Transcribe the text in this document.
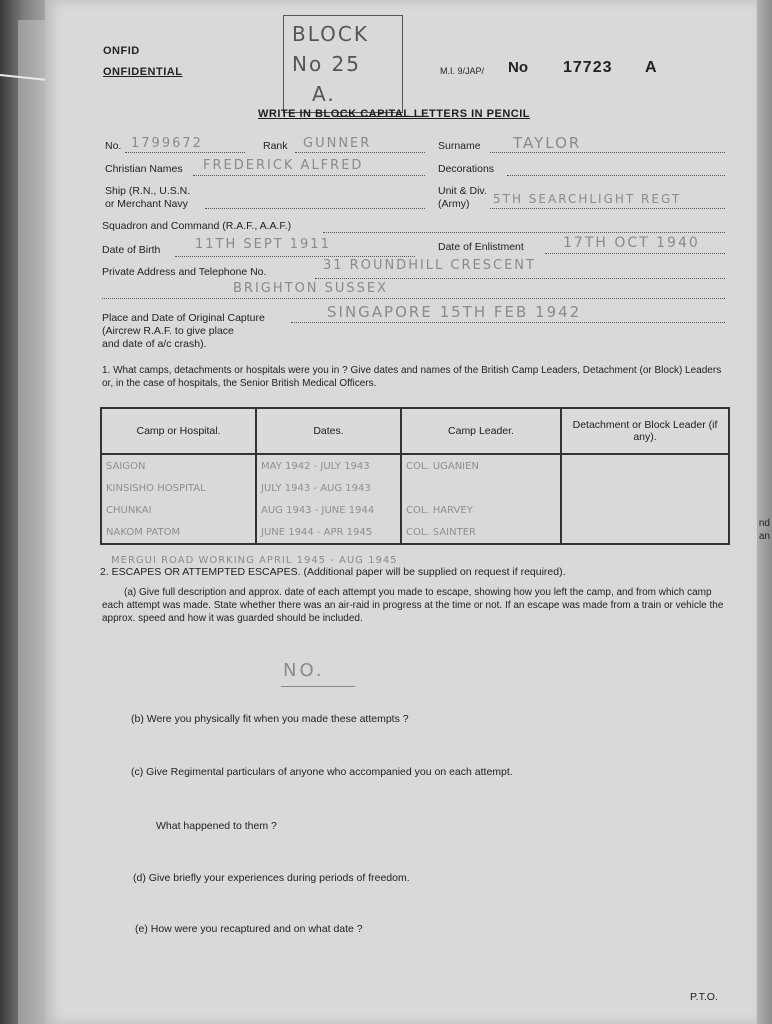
nd
an
ONFID
ONFIDENTIAL
BLOCK
No 25
A.
M.I. 9/JAP/ No 17723 A
WRITE IN BLOCK CAPITAL LETTERS IN PENCIL
No. 1799672	Rank GUNNER	Surname TAYLOR
Christian Names FREDERICK ALFRED	Decorations
Ship (R.N., U.S.N.
or Merchant Navy
Unit & Div.
(Army) 5TH SEARCHLIGHT REGT
Squadron and Command (R.A.F., A.A.F.)
Date of Birth	11TH SEPT 1911	Date of Enlistment	17TH OCT 1940
Private Address and Telephone No.	31 ROUNDHILL CRESCENT
BRIGHTON SUSSEX
Place and Date of Original Capture
(Aircrew R.A.F. to give place
and date of a/c crash).
SINGAPORE 15TH FEB 1942
1. What camps, detachments or hospitals were you in ? Give dates and names of the British Camp Leaders, Detachment (or Block) Leaders or, in the case of hospitals, the Senior British Medical Officers.
Camp or Hospital.	Dates.	Camp Leader.	Detachment or Block Leader (if any).
SAIGON	MAY 1942 - JULY 1943	COL. UGANIEN	
KINSISHO HOSPITAL	JULY 1943 - AUG 1943		
CHUNKAI	AUG 1943 - JUNE 1944	COL. HARVEY	
NAKOM PATOM	JUNE 1944 - APR 1945	COL. SAINTER	
MERGUI ROAD WORKING APRIL 1945 - AUG 1945
2. ESCAPES OR ATTEMPTED ESCAPES. (Additional paper will be supplied on request if required).
(a) Give full description and approx. date of each attempt you made to escape, showing how you left the camp, and from which camp each attempt was made. State whether there was an air-raid in progress at the time or not. If an escape was made from a train or vehicle the approx. speed and how it was guarded should be included.
NO.
(b) Were you physically fit when you made these attempts ?
(c) Give Regimental particulars of anyone who accompanied you on each attempt.
What happened to them ?
(d) Give briefly your experiences during periods of freedom.
(e) How were you recaptured and on what date ?
P.T.O.
